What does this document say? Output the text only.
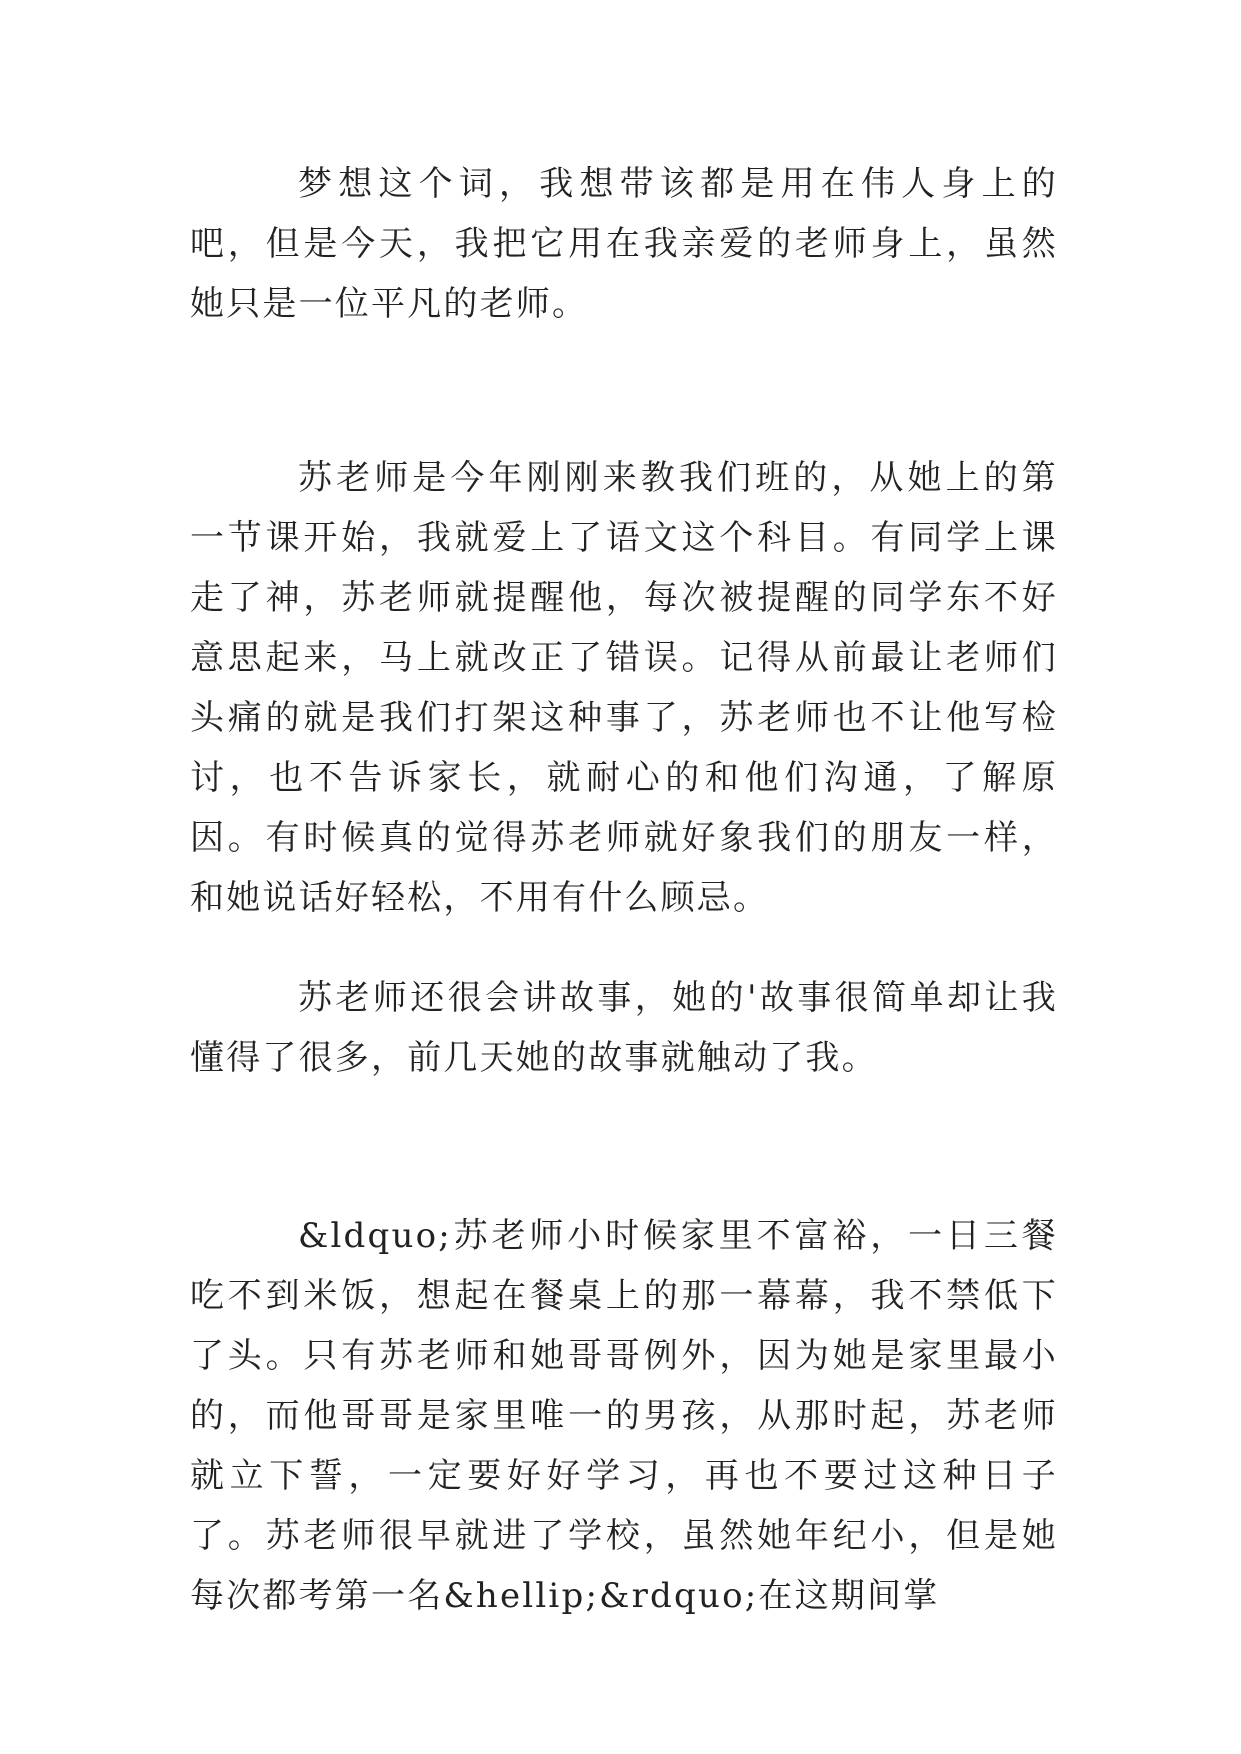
梦想这个词，我想带该都是用在伟人身上的吧，但是今天，我把它用在我亲爱的老师身上，虽然她只是一位平凡的老师。

苏老师是今年刚刚来教我们班的，从她上的第一节课开始，我就爱上了语文这个科目。有同学上课走了神，苏老师就提醒他，每次被提醒的同学东不好意思起来，马上就改正了错误。记得从前最让老师们头痛的就是我们打架这种事了，苏老师也不让他写检讨，也不告诉家长，就耐心的和他们沟通，了解原因。有时候真的觉得苏老师就好象我们的朋友一样，和她说话好轻松，不用有什么顾忌。

苏老师还很会讲故事，她的'故事很简单却让我懂得了很多，前几天她的故事就触动了我。

&ldquo;苏老师小时候家里不富裕，一日三餐吃不到米饭，想起在餐桌上的那一幕幕，我不禁低下了头。只有苏老师和她哥哥例外，因为她是家里最小的，而他哥哥是家里唯一的男孩，从那时起，苏老师就立下誓，一定要好好学习，再也不要过这种日子了。苏老师很早就进了学校，虽然她年纪小，但是她每次都考第一名&hellip;&rdquo;在这期间掌
